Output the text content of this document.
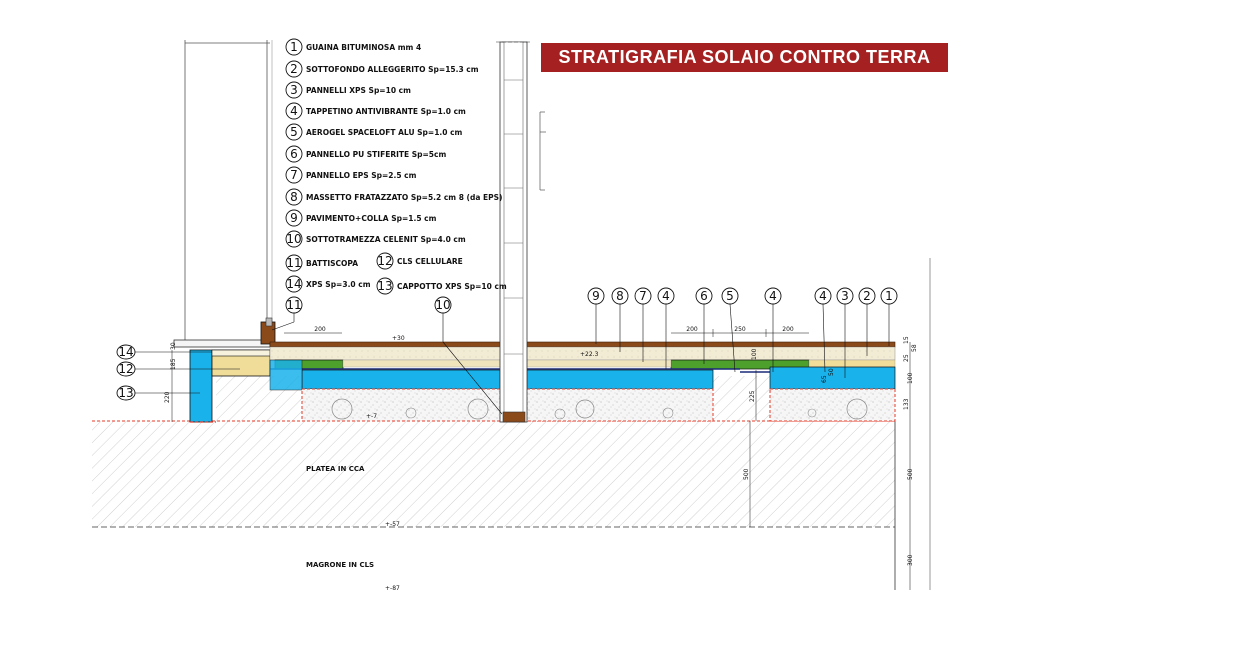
STRATIGRAFIA SOLAIO CONTRO TERRA
1 GUAINA BITUMINOSA mm 4
2 SOTTOFONDO ALLEGGERITO Sp=15.3 cm
3 PANNELLI XPS Sp=10 cm
4 TAPPETINO ANTIVIBRANTE Sp=1.0 cm
5 AEROGEL SPACELOFT ALU Sp=1.0 cm
6 PANNELLO PU STIFERITE Sp=5cm
7 PANNELLO EPS Sp=2.5 cm
8 MASSETTO FRATAZZATO Sp=5.2 cm 8 (da EPS)
9 PAVIMENTO+COLLA Sp=1.5 cm
10 SOTTOTRAMEZZA CELENIT Sp=4.0 cm
11 BATTISCOPA 12 CLS CELLULARE
14 XPS Sp=3.0 cm 13 CAPPOTTO XPS Sp=10 cm
9 8 7 4	6 5	4	4 3 2 1
10
11
14
12
13
200	200	250	200
+30
+22.3
+-7
+-57
+-87
220
185
30
225
100
500
65
50
15
58
25
100
133
500
300
PLATEA IN CCA
MAGRONE IN CLS
